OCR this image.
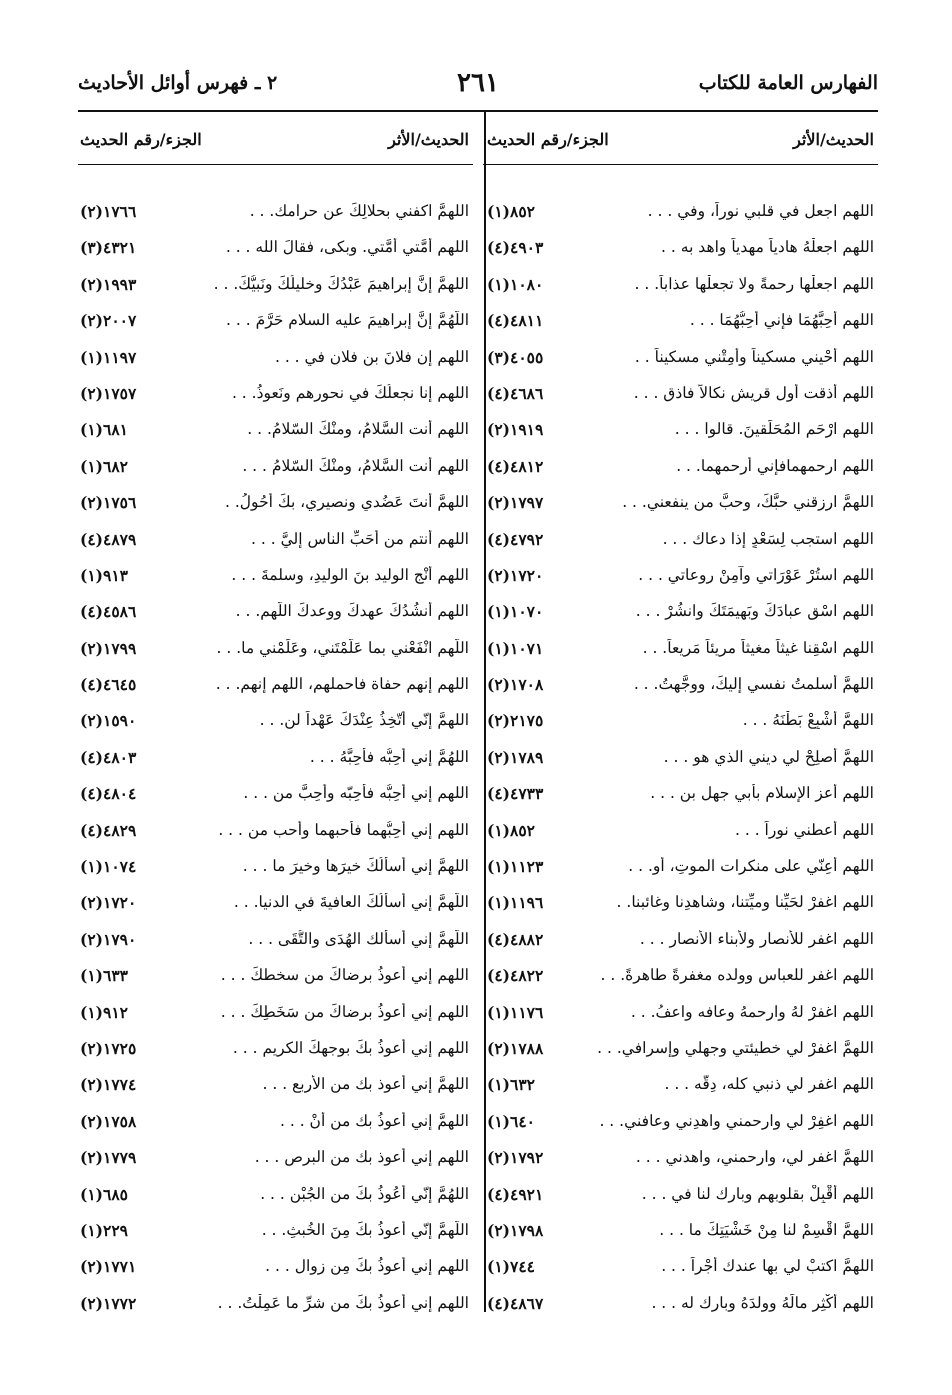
الفهارس العامة للكتاب
٢٦١
٢ ـ فهرس أوائل الأحاديث
الحديث/الأثر
الجزء/رقم الحديث
اللهم اجعل في قلبي نوراً، وفي . . .
(١)٨٥٢
اللهم اجعلْهُ هادياً مهدياً واهد به . .
(٤)٤٩٠٣
اللهم اجعلْها رحمةً ولا تجعلْها عذاباً. . .
(١)١٠٨٠
اللهم أحِبَّهُمَا فإني أُحِبُّهُمَا . . .
(٤)٤٨١١
اللهم أحْيني مسكيناً وأَمِتْني مسكيناً . .
(٣)٤٠٥٥
اللهم أذقت أول قريشٍ نكالاً فاذق . . .
(٤)٤٦٨٦
اللهم ارْحَم المُحَلِّقينَ. قالوا . . .
(٢)١٩١٩
اللهم ارحمهمافإني أرحمهما. . .
(٤)٤٨١٢
اللهمَّ ارزقني حبَّكَ، وحبَّ من ينفعني. . .
(٢)١٧٩٧
اللهم استجب لِسَعْدٍ إذا دعاك . . .
(٤)٤٧٩٢
اللهم استُرْ عَوْرَاتي وآمِنْ روعاتي . . .
(٢)١٧٢٠
اللهم اسْقِ عبادَكَ وبَهيمَتَكَ وانشُرْ . . .
(١)١٠٧٠
اللهم اسْقِنا غيثاً مغيثاً مريئاً مَريعاً. . .
(١)١٠٧١
اللهمَّ أسلمتُ نفسي إليكَ، ووجَّهتُ. . .
(٢)١٧٠٨
اللهمَّ أشْبِعْ بَطْنَهُ . . .
(٢)٢١٧٥
اللهمَّ أصلِحْ لي ديني الذي هو . . .
(٢)١٧٨٩
اللهم أعز الإسلام بأبي جهل بن . . .
(٤)٤٧٣٣
اللهم أعطني نوراً . . .
(١)٨٥٢
اللهم أعِنّي على منكرات الموتِ، أو. . .
(١)١١٢٣
اللهم اغفرْ لحَيِّنا وميِّتنا، وشاهدِنا وغائبنا. .
(١)١١٩٦
اللهم اغفر للأنصار ولأبناء الأنصار . . .
(٤)٤٨٨٢
اللهم اغفر للعباس وولده مغفرةً طاهرةً. . .
(٤)٤٨٢٢
اللهم اغفرْ لهُ وارحمهُ وعافه واعفُ. . .
(١)١١٧٦
اللهمَّ اغفرْ لي خطيئتي وجهلي وإسرافي. . .
(٢)١٧٨٨
اللهم اغفر لي ذنبي كله، دِقَّه . . .
(١)٦٣٢
اللهم اغفِرْ لي وارحمني واهدِني وعافني. . .
(١)٦٤٠
اللهمَّ اغفر لي، وارحمني، واهدني . . .
(٢)١٧٩٢
اللهم أَقْبِلْ بقلوبهم وبارك لنا في . . .
(٤)٤٩٢١
اللهمَّ اقْسِمْ لنا مِنْ خَشْيَتِكَ ما . . .
(٢)١٧٩٨
اللهمَّ اكتبْ لي بها عندك أجْراً . . .
(١)٧٤٤
اللهم أكْثِرِ مالَهُ وولدَهُ وبارك له . . .
(٤)٤٨٦٧
الحديث/الأثر
الجزء/رقم الحديث
اللهمَّ اكفني بحلالِكَ عن حرامك. . .
(٢)١٧٦٦
اللهم أُمَّتي أُمَّتي. وبكى، فقالَ الله . . .
(٣)٤٣٢١
اللهمَّ إنَّ إبراهيمَ عَبْدُكَ وخليلُكَ ونَبيُّكَ. . .
(٢)١٩٩٣
اللّهُمَّ إنَّ إبراهيمَ عليه السلام حَرَّمَ . . .
(٢)٢٠٠٧
اللهم إن فلانَ بن فلانٍ في . . .
(١)١١٩٧
اللهم إنا نجعلُكَ في نحورِهم ونَعوذُ. . .
(٢)١٧٥٧
اللهم أنت السَّلامُ، ومنْكَ السّلامُ. . .
(١)٦٨١
اللهم أنت السَّلامُ، ومنْكَ السّلامُ . . .
(١)٦٨٢
اللهمَّ أنتَ عَضُدي ونصيري، بكَ أحُولُ. .
(٢)١٧٥٦
اللهم أنتم من أحَبِّ الناس إليَّ . . .
(٤)٤٨٧٩
اللهم أنْجِ الوليد بنَ الوليدِ، وسلمةَ . . .
(١)٩١٣
اللهم أنشُدُكَ عهدكَ ووعدكَ اللّهم. . .
(٤)٤٥٨٦
اللّهم انْفَعْني بما عَلَّمْتَني، وعَلِّمْني ما. . .
(٢)١٧٩٩
اللهم إنهم حفاة فاحملهم، اللهم إنهم. . .
(٤)٤٦٤٥
اللهمَّ إنّي أتّخِذُ عِنْدَكَ عَهْداً لن. . .
(٢)١٥٩٠
اللهُمَّ إني أُحِبُّه فأحِبَّهُ . . .
(٤)٤٨٠٣
اللهم إني أحِبُّه فأحِبّه وأحِبَّ من . . .
(٤)٤٨٠٤
اللهم إني أحِبُّهما فأحبهما وأحب من . . .
(٤)٤٨٢٩
اللهمَّ إني أسألُكَ خيرَها وخيرَ ما . . .
(١)١٠٧٤
اللّهمَّ إني أسألُكَ العافيةَ في الدنيا. . .
(٢)١٧٢٠
اللّهمَّ إني أسألك الهُدَى والتُّقَى . . .
(٢)١٧٩٠
اللهم إني أعوذُ برضاكَ من سخطكَ . . .
(١)٦٣٣
اللهم إني أعوذُ برضاكَ من سَخَطِكَ . . .
(١)٩١٢
اللهم إني أعوذُ بكَ بوجهِكَ الكريم . . .
(٢)١٧٢٥
اللهمَّ إني أعوذ بك من الأربع . . .
(٢)١٧٧٤
اللهمَّ إني أعوذُ بك من أنْ . . .
(٢)١٧٥٨
اللهم إني أعوذ بك من البرص . . .
(٢)١٧٧٩
اللهُمَّ إنّي أعُوذُ بكَ من الجُبْنِ . . .
(١)٦٨٥
اللّهمَّ إنّي أعوذُ بكَ مِنَ الخُبثِ. . .
(١)٢٢٩
اللهم إني أعوذُ بكَ مِن زوال . . .
(٢)١٧٧١
اللهم إني أعوذُ بكَ من شرِّ ما عَمِلْتُ. . .
(٢)١٧٧٢
